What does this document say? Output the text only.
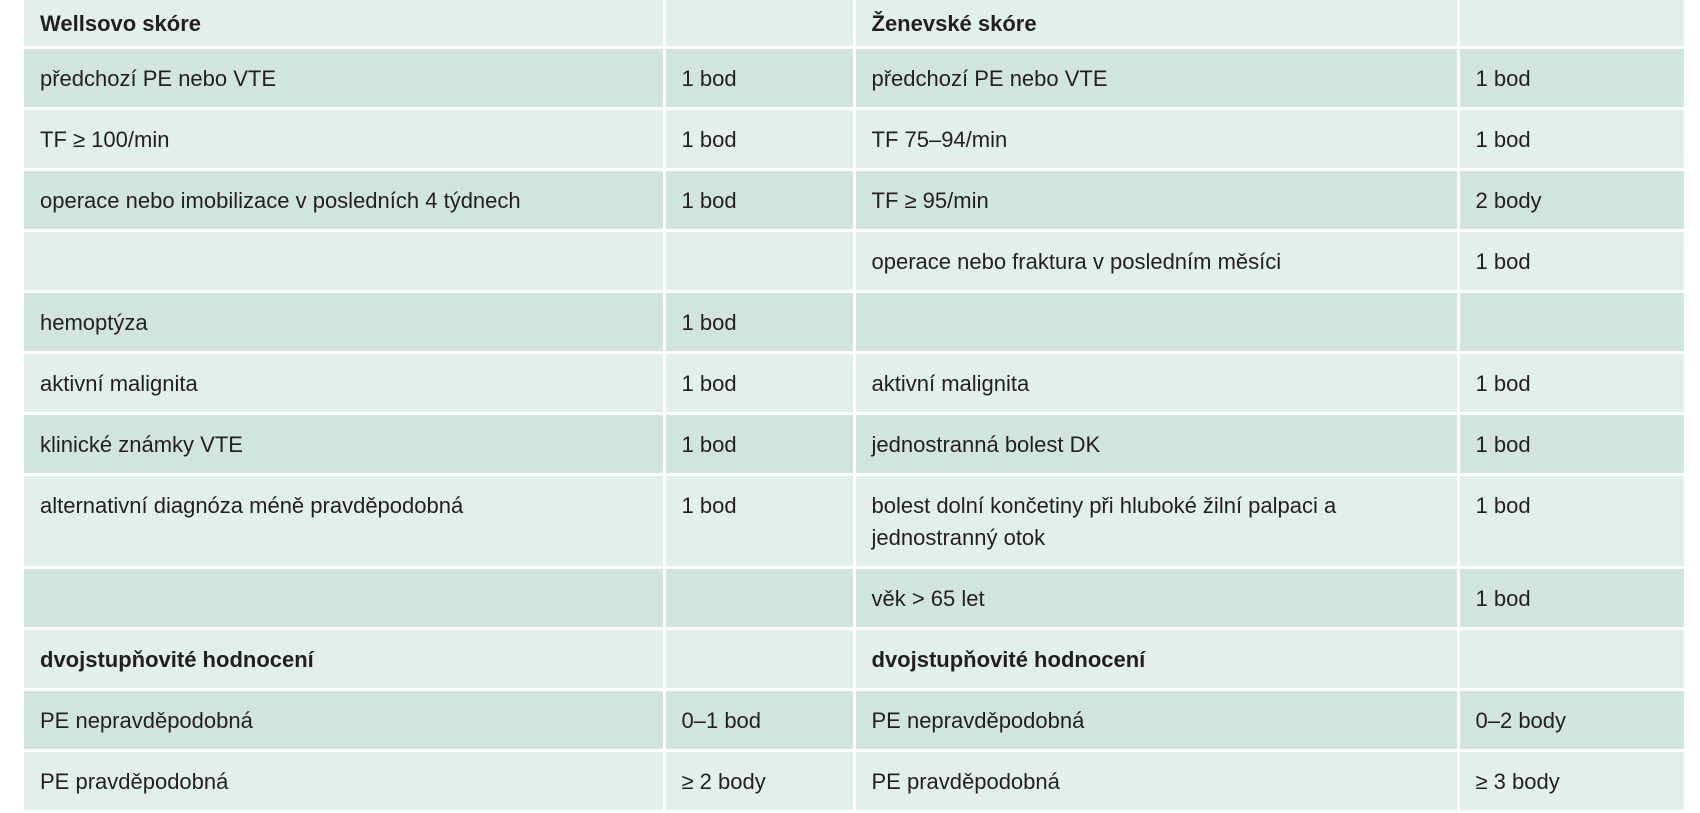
Wellsovo skóre		Ženevské skóre	
předchozí PE nebo VTE	1 bod	předchozí PE nebo VTE	1 bod
TF ≥ 100/min	1 bod	TF 75–94/min	1 bod
operace nebo imobilizace v posledních 4 týdnech	1 bod	TF ≥ 95/min	2 body
		operace nebo fraktura v posledním měsíci	1 bod
hemoptýza	1 bod		
aktivní malignita	1 bod	aktivní malignita	1 bod
klinické známky VTE	1 bod	jednostranná bolest DK	1 bod
alternativní diagnóza méně pravděpodobná	1 bod	bolest dolní končetiny při hluboké žilní palpaci a jednostranný otok	1 bod
		věk > 65 let	1 bod
dvojstupňovité hodnocení		dvojstupňovité hodnocení	
PE nepravděpodobná	0–1 bod	PE nepravděpodobná	0–2 body
PE pravděpodobná	≥ 2 body	PE pravděpodobná	≥ 3 body
